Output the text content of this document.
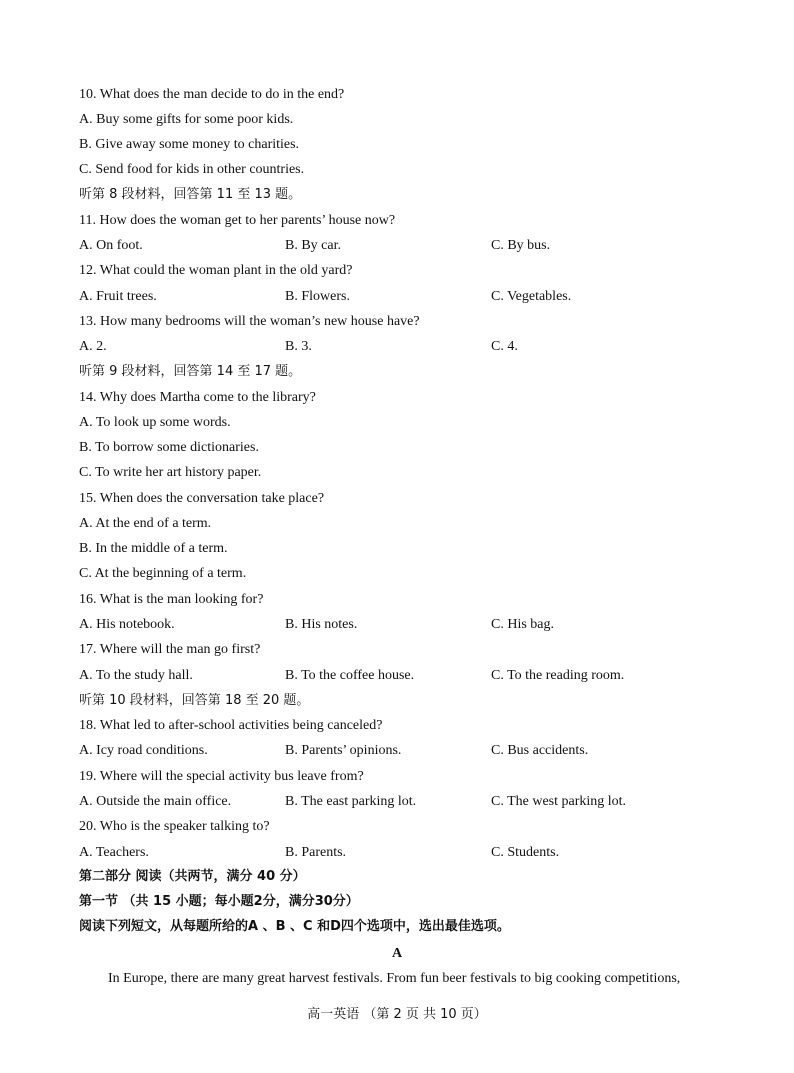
10. What does the man decide to do in the end?
A. Buy some gifts for some poor kids.
B. Give away some money to charities.
C. Send food for kids in other countries.
听第 8 段材料，回答第 11 至 13 题。
11. How does the woman get to her parents’ house now?
A. On foot.	B. By car.	C. By bus.
12. What could the woman plant in the old yard?
A. Fruit trees.	B. Flowers.	C. Vegetables.
13. How many bedrooms will the woman’s new house have?
A. 2.	B. 3.	C. 4.
听第 9 段材料，回答第 14 至 17 题。
14. Why does Martha come to the library?
A. To look up some words.
B. To borrow some dictionaries.
C. To write her art history paper.
15. When does the conversation take place?
A. At the end of a term.
B. In the middle of a term.
C. At the beginning of a term.
16. What is the man looking for?
A. His notebook.	B. His notes.	C. His bag.
17. Where will the man go first?
A. To the study hall.	B. To the coffee house.	C. To the reading room.
听第 10 段材料，回答第 18 至 20 题。
18. What led to after-school activities being canceled?
A. Icy road conditions.	B. Parents’ opinions.	C. Bus accidents.
19. Where will the special activity bus leave from?
A. Outside the main office.	B. The east parking lot.	C. The west parking lot.
20. Who is the speaker talking to?
A. Teachers.	B. Parents.	C. Students.
第二部分 阅读（共两节，满分 40 分）
第一节 （共 15 小题；每小题2分，满分30分）
阅读下列短文，从每题所给的A 、B 、C 和D四个选项中，选出最佳选项。
A
In Europe, there are many great harvest festivals. From fun beer festivals to big cooking competitions,
高一英语 （第 2 页 共 10 页）
